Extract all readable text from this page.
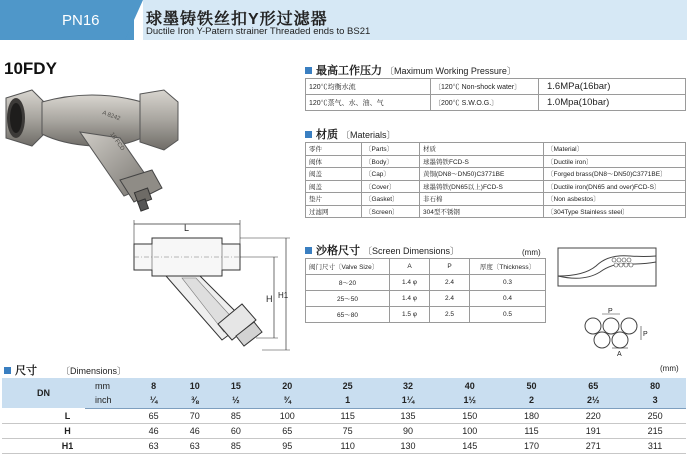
PN16	球墨铸铁丝扣Y形过滤器
Ductile Iron Y-Patern strainer Threaded ends to BS21
10FDY
A 8242
16 FCD
L
H H1
最高工作压力 〔Maximum Working Pressure〕
120℃均衡水流	〔120℃ Non-shock water〕	1.6MPa(16bar)
120℃蒸气、水、油、气	〔200℃ S.W.O.G.〕	1.0Mpa(10bar)
材质 〔Materials〕
零件	〔Parts〕	材质	〔Material〕
阀体	〔Body〕	球墨铸铁FCD-S	〔Ductile iron〕
阀盖	〔Cap〕	黄铜(DN8～DN50)C3771BE	〔Forged brass(DN8～DN50)C3771BE〕
阀盖	〔Cover〕	球墨铸铁(DN65以上)FCD-S	〔Ductile iron(DN65 and over)FCD-S〕
垫片	〔Gasket〕	非石棉	〔Non asbestos〕
过滤网	〔Screen〕	304型不锈钢	〔304Type Stainless steel〕
沙格尺寸 〔Screen Dimensions〕	(mm)
阀门尺寸〔Valve Size〕	A	P	厚度〔Thickness〕
8～20	1.4 φ	2.4	0.3
25～50	1.4 φ	2.4	0.4
65～80	1.5 φ	2.5	0.5	P
P
A
尺寸	〔Dimensions〕	(mm)
DN	mm	8	10	15	20	25	32	40	50	65	80
	inch	¼	⅜	½	¾	1	1¼	1½	2	2½	3
L		65	70	85	100	115	135	150	180	220	250
H		46	46	60	65	75	90	100	115	191	215
H1		63	63	85	95	110	130	145	170	271	311
